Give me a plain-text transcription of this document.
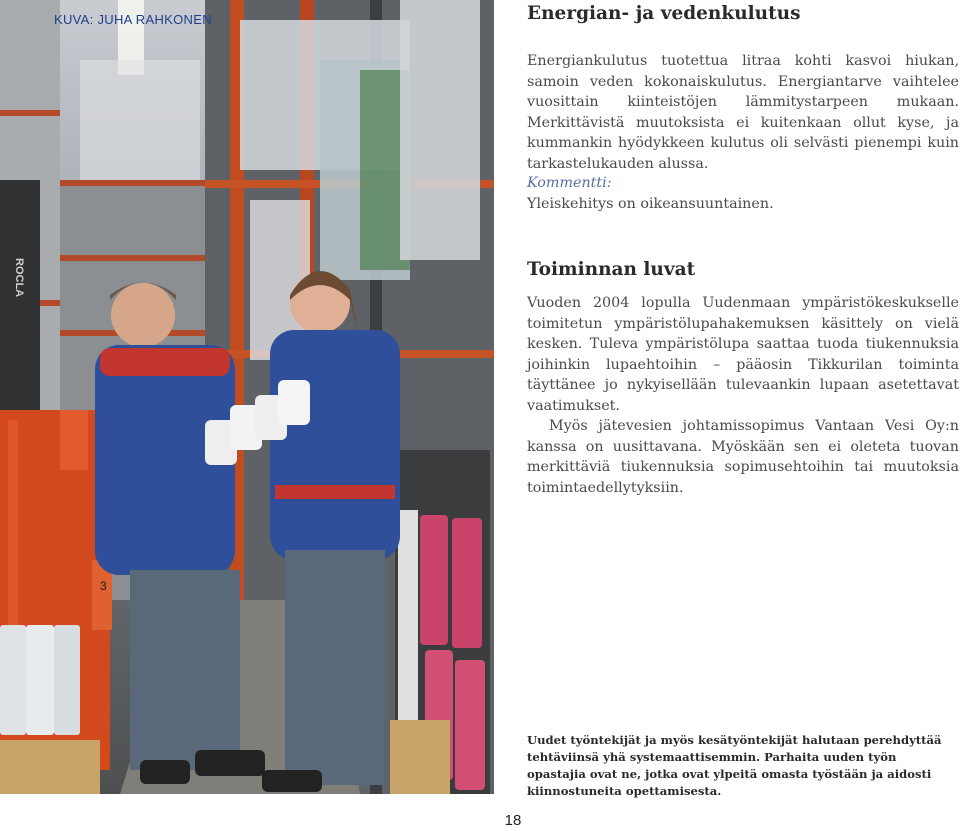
KUVA: JUHA RAHKONEN
ROCLA
3
Energian- ja vedenkulutus

Energiankulutus tuotettua litraa kohti kasvoi hiukan, samoin veden kokonaiskulutus. Energiantarve vaihtelee vuosittain kiinteistöjen lämmitystarpeen mukaan. Merkittävistä muutoksista ei kuitenkaan ollut kyse, ja kummankin hyödykkeen kulutus oli selvästi pienempi kuin tarkastelukauden alussa.

Kommentti:

Yleiskehitys on oikeansuuntainen.

Toiminnan luvat

Vuoden 2004 lopulla Uudenmaan ympäristökeskukselle toimitetun ympäristölupahakemuksen käsittely on vielä kesken. Tuleva ympäristölupa saattaa tuoda tiukennuksia joihinkin lupaehtoihin – pääosin Tikkurilan toiminta täyttänee jo nykyisellään tulevaankin lupaan asetettavat vaatimukset.

Myös jätevesien johtamissopimus Vantaan Vesi Oy:n kanssa on uusittavana. Myöskään sen ei oleteta tuovan merkittäviä tiukennuksia sopimusehtoihin tai muutoksia toimintaedellytyksiin.

Uudet työntekijät ja myös kesätyöntekijät halutaan perehdyttää tehtäviinsä yhä systemaattisemmin. Parhaita uuden työn opastajia ovat ne, jotka ovat ylpeitä omasta työstään ja aidosti kiinnostuneita opettamisesta.
18
